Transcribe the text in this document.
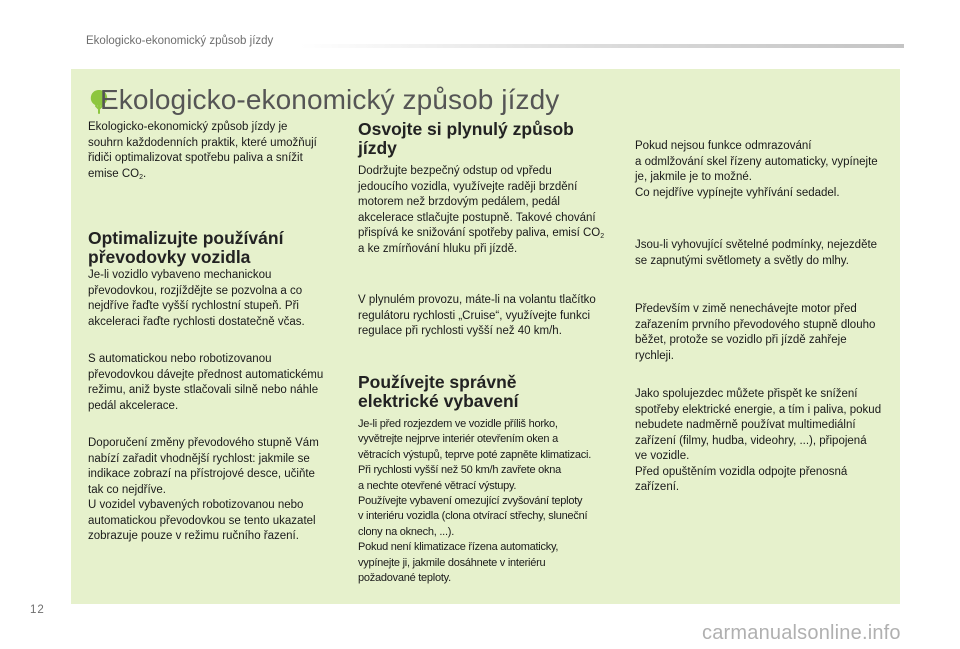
Ekologicko-ekonomický způsob jízdy
Ekologicko-ekonomický způsob jízdy
Ekologicko-ekonomický způsob jízdy je
souhrn každodenních praktik, které umožňují
řidiči optimalizovat spotřebu paliva a snížit
emise $CO_2$.
Optimalizujte používání
převodovky vozidla
Je-li vozidlo vybaveno mechanickou
převodovkou, rozjíždějte se pozvolna a co
nejdříve řaďte vyšší rychlostní stupeň. Při
akceleraci řaďte rychlosti dostatečně včas.
S automatickou nebo robotizovanou
převodovkou dávejte přednost automatickému
režimu, aniž byste stlačovali silně nebo náhle
pedál akcelerace.
Doporučení změny převodového stupně Vám
nabízí zařadit vhodnější rychlost: jakmile se
indikace zobrazí na přístrojové desce, učiňte
tak co nejdříve.
U vozidel vybavených robotizovanou nebo
automatickou převodovkou se tento ukazatel
zobrazuje pouze v režimu ručního řazení.
Osvojte si plynulý způsob
jízdy
Dodržujte bezpečný odstup od vpředu
jedoucího vozidla, využívejte raději brzdění
motorem než brzdovým pedálem, pedál
akcelerace stlačujte postupně. Takové chování
přispívá ke snižování spotřeby paliva, emisí $CO_2$
a ke zmírňování hluku při jízdě.
V plynulém provozu, máte-li na volantu tlačítko
regulátoru rychlosti „Cruise“, využívejte funkci
regulace při rychlosti vyšší než 40 km/h.
Používejte správně
elektrické vybavení
Je-li před rozjezdem ve vozidle příliš horko,
vyvětrejte nejprve interiér otevřením oken a
větracích výstupů, teprve poté zapněte klimatizaci.
Při rychlosti vyšší než 50 km/h zavřete okna
a nechte otevřené větrací výstupy.
Používejte vybavení omezující zvyšování teploty
v interiéru vozidla (clona otvírací střechy, sluneční
clony na oknech, ...).
Pokud není klimatizace řízena automaticky,
vypínejte ji, jakmile dosáhnete v interiéru
požadované teploty.
Pokud nejsou funkce odmrazování
a odmlžování skel řízeny automaticky, vypínejte
je, jakmile je to možné.
Co nejdříve vypínejte vyhřívání sedadel.
Jsou-li vyhovující světelné podmínky, nejezděte
se zapnutými světlomety a světly do mlhy.
Především v zimě nenechávejte motor před
zařazením prvního převodového stupně dlouho
běžet, protože se vozidlo při jízdě zahřeje
rychleji.
Jako spolujezdec můžete přispět ke snížení
spotřeby elektrické energie, a tím i paliva, pokud
nebudete nadměrně používat multimediální
zařízení (filmy, hudba, videohry, ...), připojená
ve vozidle.
Před opuštěním vozidla odpojte přenosná
zařízení.
12
carmanualsonline.info
